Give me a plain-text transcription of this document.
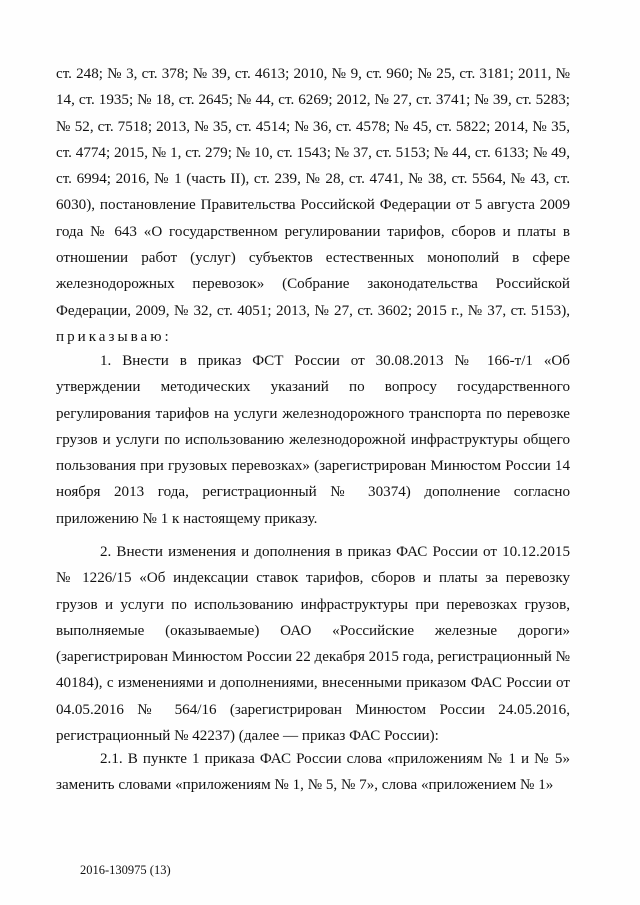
ст. 248; № 3, ст. 378; № 39, ст. 4613; 2010, № 9, ст. 960; № 25, ст. 3181; 2011, № 14, ст. 1935; № 18, ст. 2645; № 44, ст. 6269; 2012, № 27, ст. 3741; № 39, ст. 5283; № 52, ст. 7518; 2013, № 35, ст. 4514; № 36, ст. 4578; № 45, ст. 5822; 2014, № 35, ст. 4774; 2015, № 1, ст. 279; № 10, ст. 1543; № 37, ст. 5153; № 44, ст. 6133; № 49, ст. 6994; 2016, № 1 (часть II), ст. 239, № 28, ст. 4741, № 38, ст. 5564, № 43, ст. 6030), постановление Правительства Российской Федерации от 5 августа 2009 года № 643 «О государственном регулировании тарифов, сборов и платы в отношении работ (услуг) субъектов естественных монополий в сфере железнодорожных перевозок» (Собрание законодательства Российской Федерации, 2009, № 32, ст. 4051; 2013, № 27, ст. 3602; 2015 г., № 37, ст. 5153), приказываю:
1. Внести в приказ ФСТ России от 30.08.2013 № 166-т/1 «Об утверждении методических указаний по вопросу государственного регулирования тарифов на услуги железнодорожного транспорта по перевозке грузов и услуги по использованию железнодорожной инфраструктуры общего пользования при грузовых перевозках» (зарегистрирован Минюстом России 14 ноября 2013 года, регистрационный № 30374) дополнение согласно приложению № 1 к настоящему приказу.
2. Внести изменения и дополнения в приказ ФАС России от 10.12.2015 № 1226/15 «Об индексации ставок тарифов, сборов и платы за перевозку грузов и услуги по использованию инфраструктуры при перевозках грузов, выполняемые (оказываемые) ОАО «Российские железные дороги» (зарегистрирован Минюстом России 22 декабря 2015 года, регистрационный № 40184), с изменениями и дополнениями, внесенными приказом ФАС России от 04.05.2016 № 564/16 (зарегистрирован Минюстом России 24.05.2016, регистрационный № 42237) (далее — приказ ФАС России):
2.1. В пункте 1 приказа ФАС России слова «приложениям № 1 и № 5» заменить словами «приложениям № 1, № 5, № 7», слова «приложением № 1»
2016-130975 (13)
